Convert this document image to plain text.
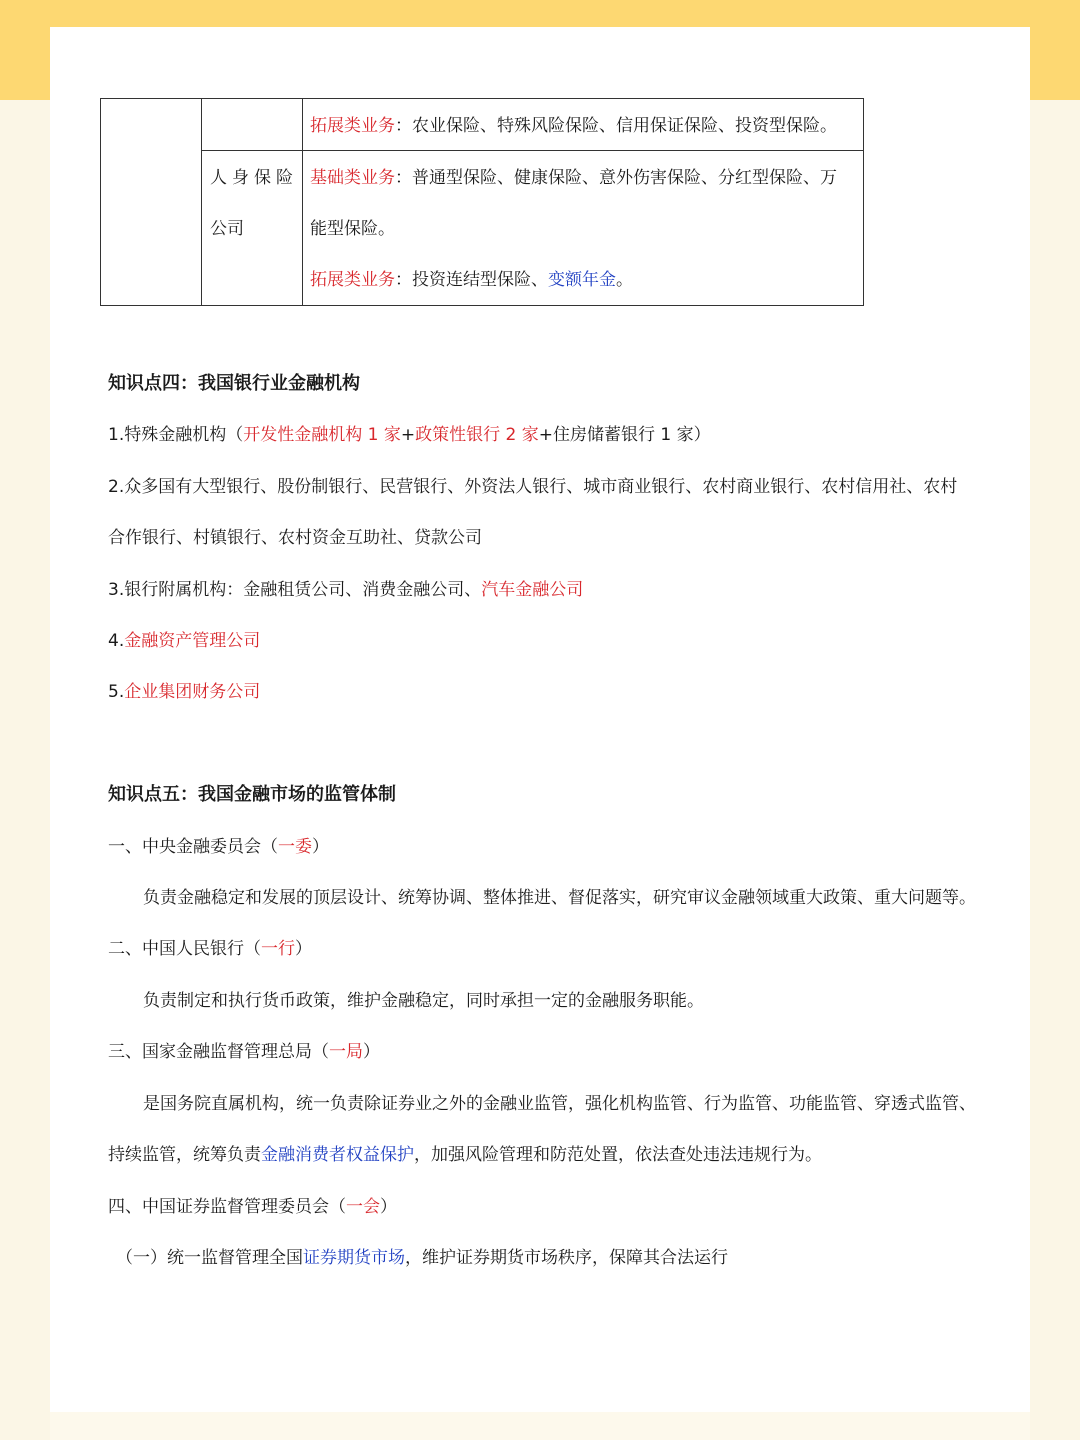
拓展类业务：农业保险、特殊风险保险、信用保证保险、投资型保险。
人身保险
公司
基础类业务：普通型保险、健康保险、意外伤害保险、分红型保险、万
能型保险。
拓展类业务：投资连结型保险、变额年金。
知识点四：我国银行业金融机构
1.特殊金融机构（开发性金融机构 1 家+政策性银行 2 家+住房储蓄银行 1 家）
2.众多国有大型银行、股份制银行、民营银行、外资法人银行、城市商业银行、农村商业银行、农村信用社、农村
合作银行、村镇银行、农村资金互助社、贷款公司
3.银行附属机构：金融租赁公司、消费金融公司、汽车金融公司
4.金融资产管理公司
5.企业集团财务公司
知识点五：我国金融市场的监管体制
一、中央金融委员会（一委）
负责金融稳定和发展的顶层设计、统筹协调、整体推进、督促落实，研究审议金融领域重大政策、重大问题等。
二、中国人民银行（一行）
负责制定和执行货币政策，维护金融稳定，同时承担一定的金融服务职能。
三、国家金融监督管理总局（一局）
是国务院直属机构，统一负责除证券业之外的金融业监管，强化机构监管、行为监管、功能监管、穿透式监管、
持续监管，统筹负责金融消费者权益保护，加强风险管理和防范处置，依法查处违法违规行为。
四、中国证券监督管理委员会（一会）
（一）统一监督管理全国证券期货市场，维护证券期货市场秩序，保障其合法运行
